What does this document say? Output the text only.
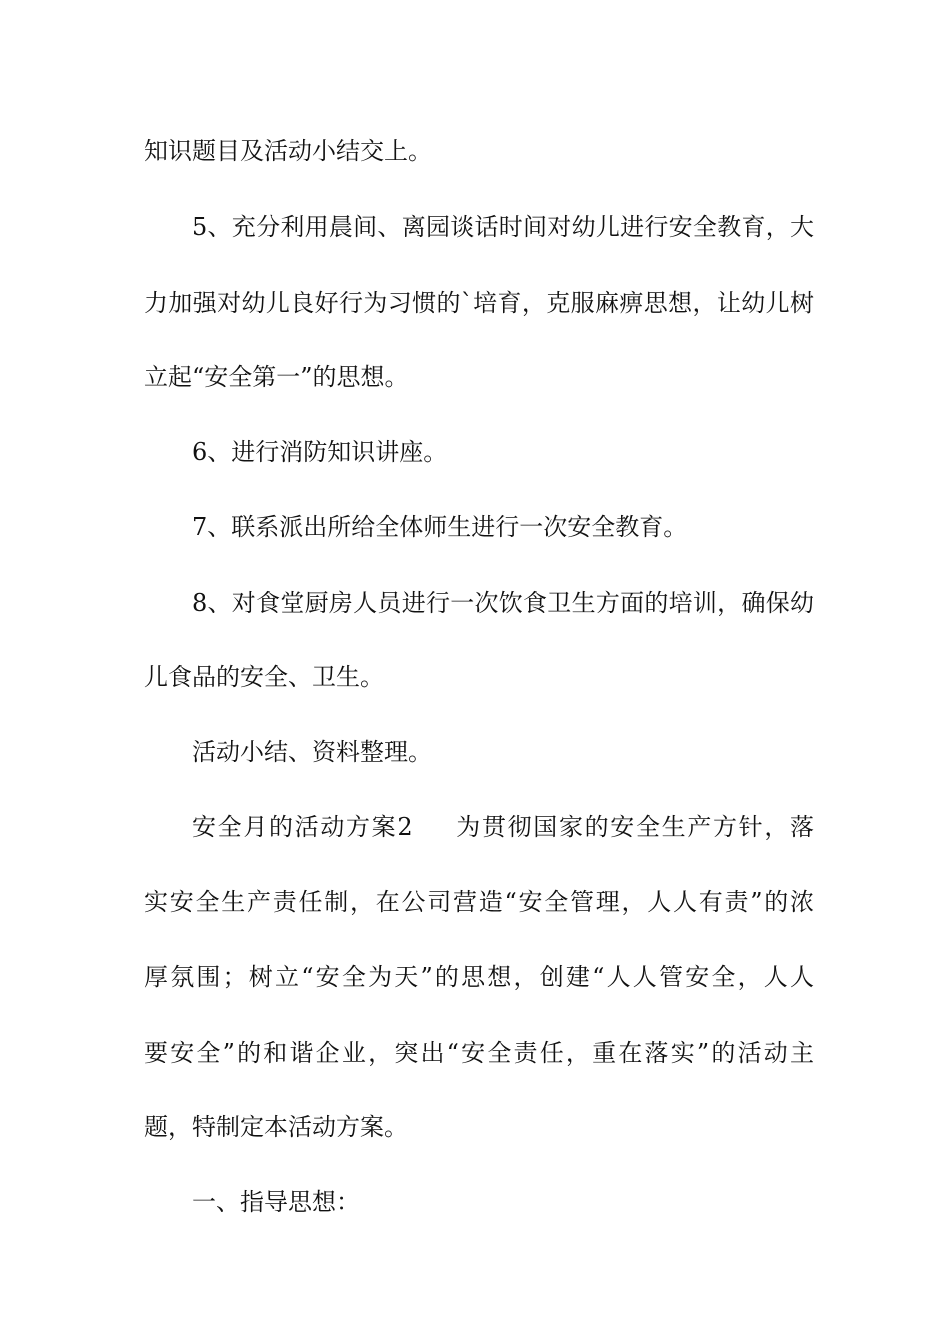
知识题目及活动小结交上。
5、充分利用晨间、离园谈话时间对幼儿进行安全教育，大
力加强对幼儿良好行为习惯的`培育，克服麻痹思想，让幼儿树
立起“安全第一”的思想。
6、进行消防知识讲座。
7、联系派出所给全体师生进行一次安全教育。
8、对食堂厨房人员进行一次饮食卫生方面的培训，确保幼
儿食品的安全、卫生。
活动小结、资料整理。
安全月的活动方案2 为贯彻国家的安全生产方针，落
实安全生产责任制，在公司营造“安全管理，人人有责”的浓
厚氛围；树立“安全为天”的思想，创建“人人管安全，人人
要安全”的和谐企业，突出“安全责任，重在落实”的活动主
题，特制定本活动方案。
一、指导思想：
